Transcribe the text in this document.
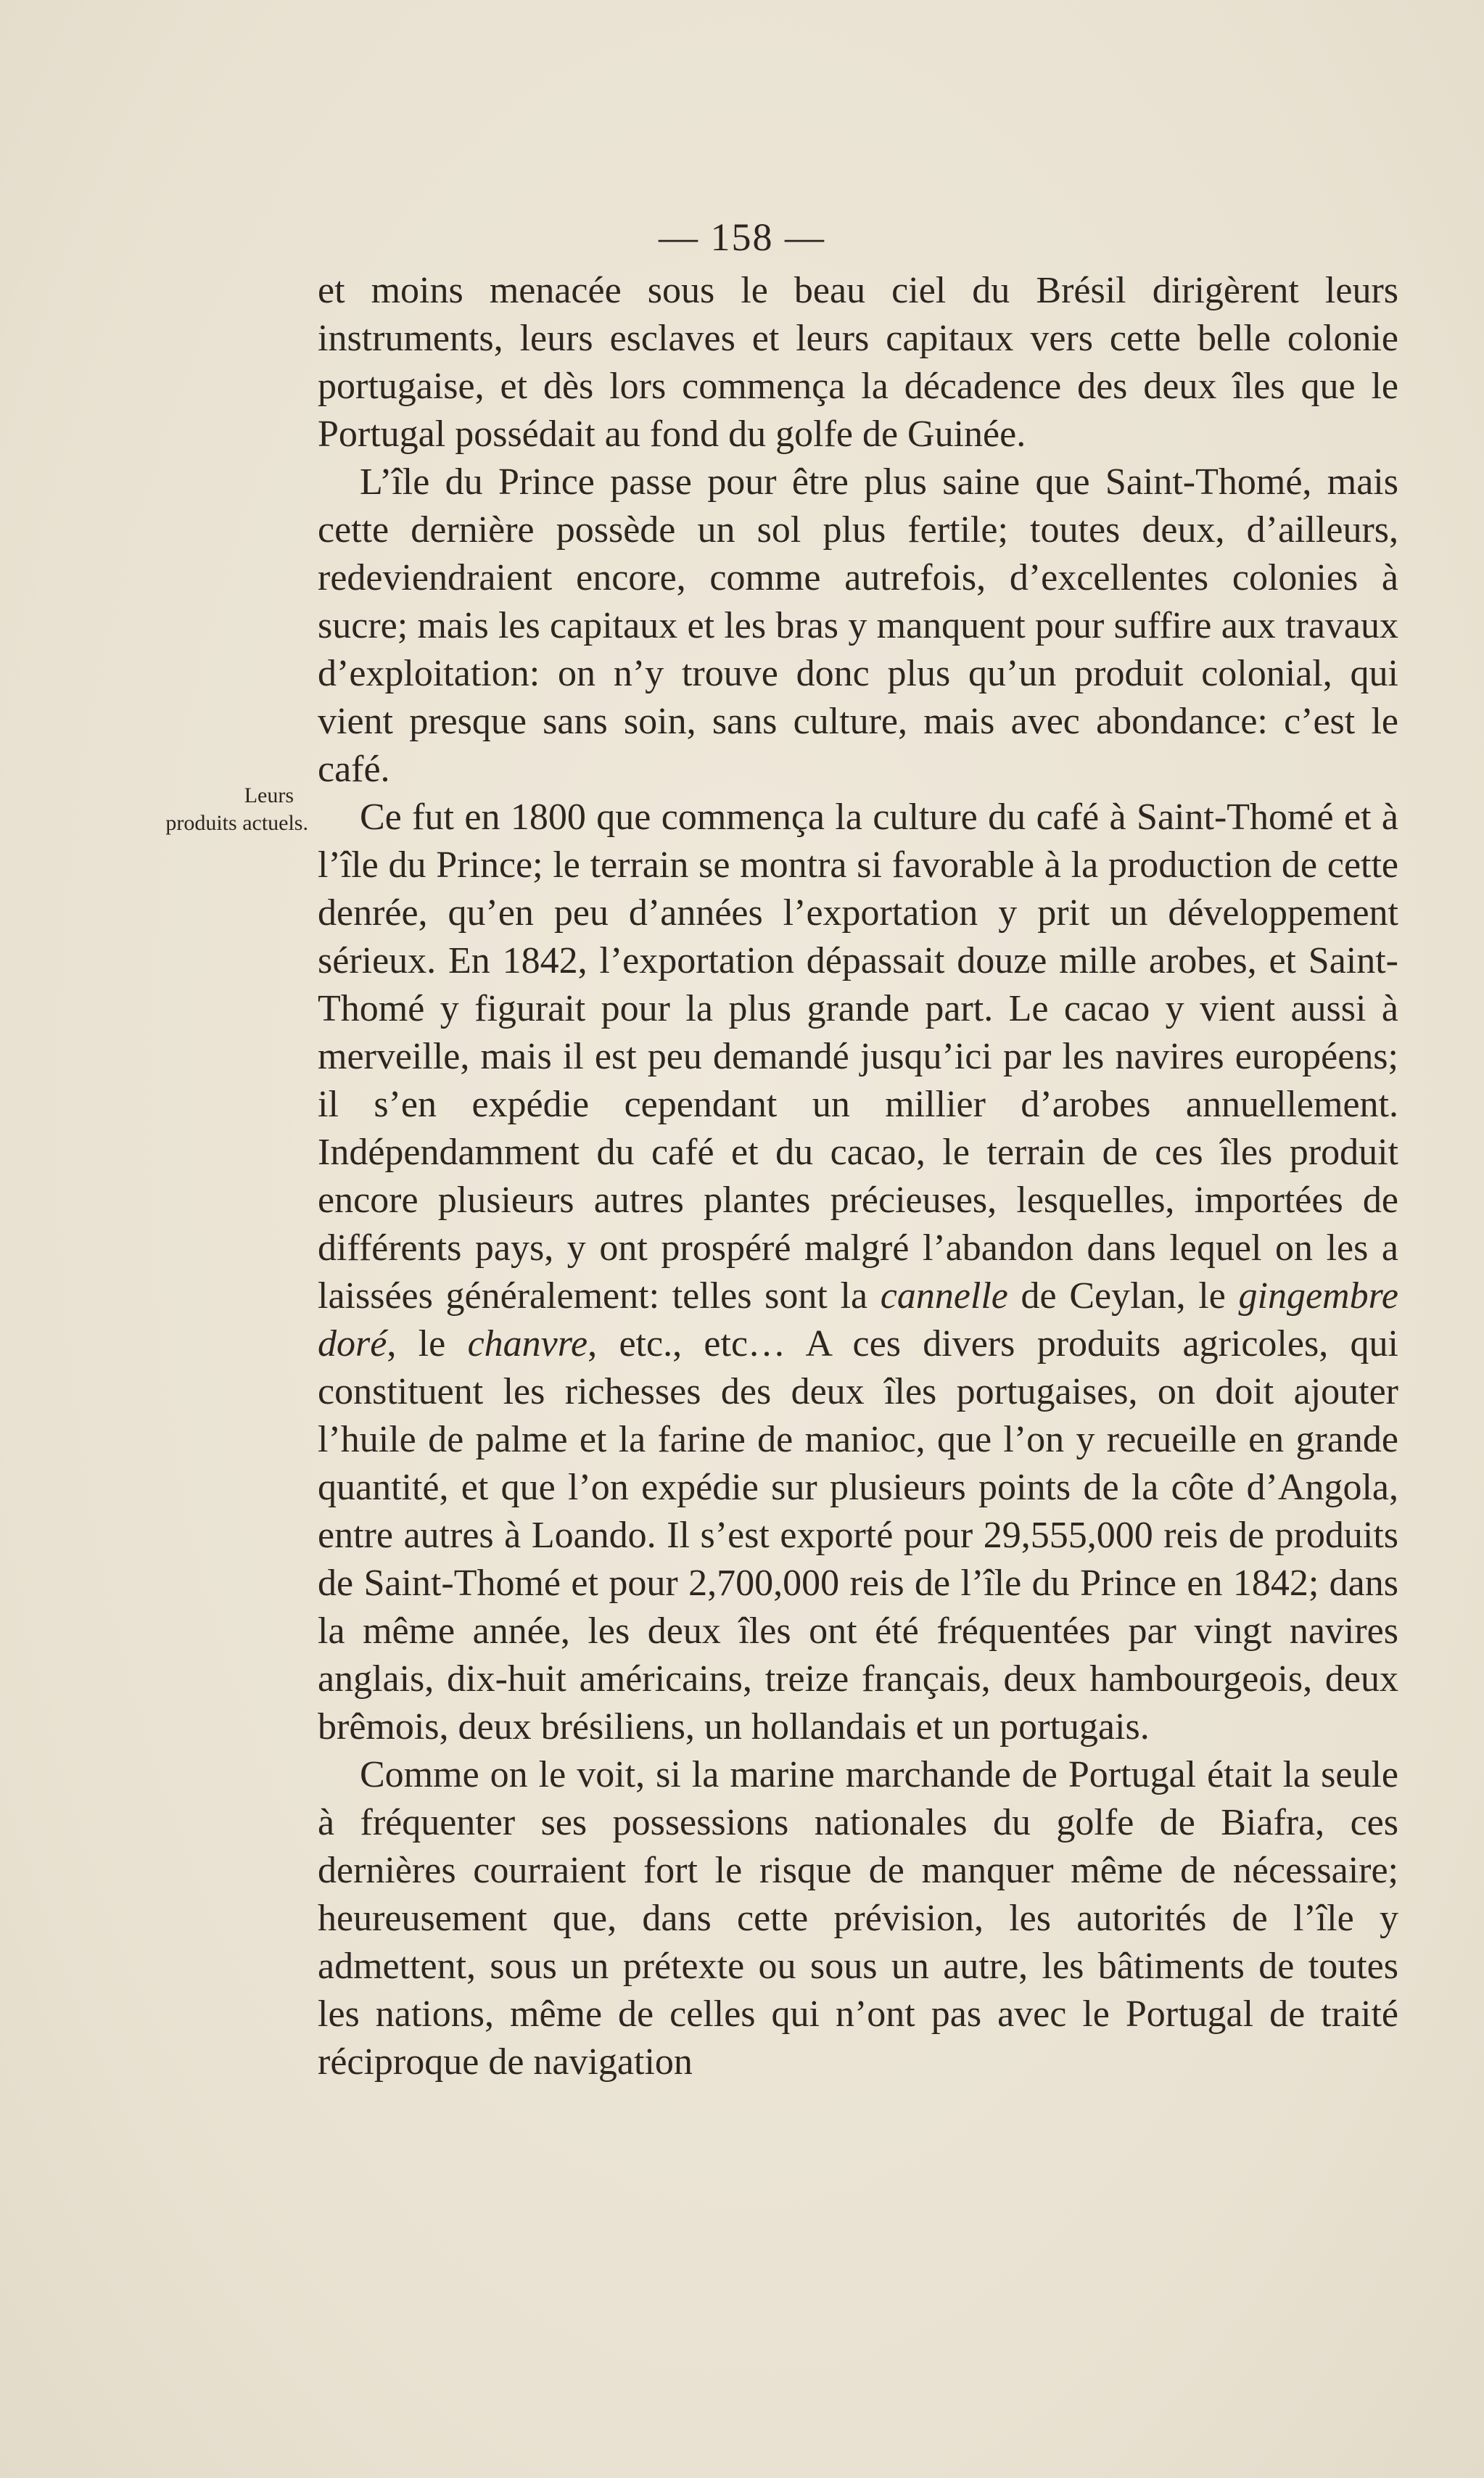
— 158 —
Leurs
produits actuels.

et moins menacée sous le beau ciel du Brésil dirigèrent leurs instruments, leurs esclaves et leurs capitaux vers cette belle colonie portugaise, et dès lors commença la décadence des deux îles que le Portugal possédait au fond du golfe de Guinée.

L’île du Prince passe pour être plus saine que Saint-Thomé, mais cette dernière possède un sol plus fertile; toutes deux, d’ailleurs, redeviendraient encore, comme autrefois, d’excellentes colonies à sucre; mais les capitaux et les bras y manquent pour suffire aux travaux d’exploitation: on n’y trouve donc plus qu’un produit colonial, qui vient presque sans soin, sans culture, mais avec abondance: c’est le café.

Ce fut en 1800 que commença la culture du café à Saint-Thomé et à l’île du Prince; le terrain se montra si favorable à la production de cette denrée, qu’en peu d’années l’exportation y prit un développement sérieux. En 1842, l’exportation dépassait douze mille arobes, et Saint-Thomé y figurait pour la plus grande part. Le cacao y vient aussi à merveille, mais il est peu demandé jusqu’ici par les navires européens; il s’en expédie cependant un millier d’arobes annuellement. Indépendamment du café et du cacao, le terrain de ces îles produit encore plusieurs autres plantes précieuses, lesquelles, importées de différents pays, y ont prospéré malgré l’abandon dans lequel on les a laissées généralement: telles sont la cannelle de Ceylan, le gingembre doré, le chanvre, etc., etc… A ces divers produits agricoles, qui constituent les richesses des deux îles portugaises, on doit ajouter l’huile de palme et la farine de manioc, que l’on y recueille en grande quantité, et que l’on expédie sur plusieurs points de la côte d’Angola, entre autres à Loando. Il s’est exporté pour 29,555,000 reis de produits de Saint-Thomé et pour 2,700,000 reis de l’île du Prince en 1842; dans la même année, les deux îles ont été fréquentées par vingt navires anglais, dix-huit américains, treize français, deux hambourgeois, deux brêmois, deux brésiliens, un hollandais et un portugais.

Comme on le voit, si la marine marchande de Portugal était la seule à fréquenter ses possessions nationales du golfe de Biafra, ces dernières courraient fort le risque de manquer même de nécessaire; heureusement que, dans cette prévision, les autorités de l’île y admettent, sous un prétexte ou sous un autre, les bâtiments de toutes les nations, même de celles qui n’ont pas avec le Portugal de traité réciproque de navigation
